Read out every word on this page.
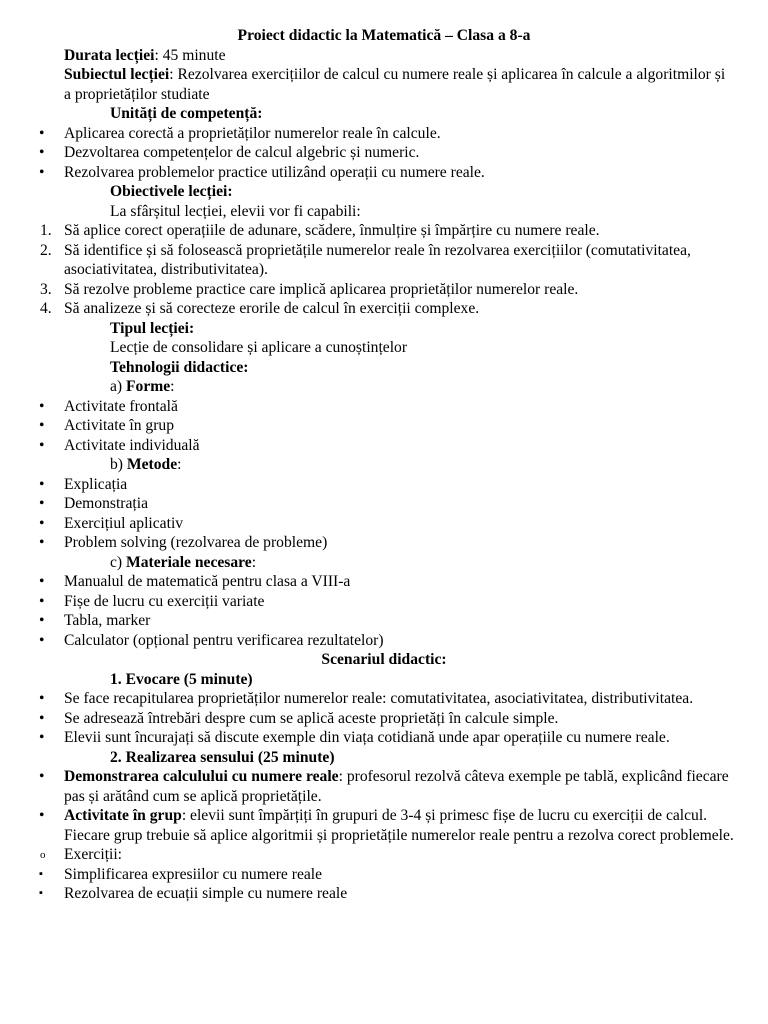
Proiect didactic la Matematică – Clasa a 8-a
Durata lecției: 45 minute
Subiectul lecției: Rezolvarea exercițiilor de calcul cu numere reale și aplicarea în calcule a algoritmilor și a proprietăților studiate
Unități de competență:
• Aplicarea corectă a proprietăților numerelor reale în calcule.
• Dezvoltarea competențelor de calcul algebric și numeric.
• Rezolvarea problemelor practice utilizând operații cu numere reale.
Obiectivele lecției:
La sfârșitul lecției, elevii vor fi capabili:
1. Să aplice corect operațiile de adunare, scădere, înmulțire și împărțire cu numere reale.
2. Să identifice și să folosească proprietățile numerelor reale în rezolvarea exercițiilor (comutativitatea, asociativitatea, distributivitatea).
3. Să rezolve probleme practice care implică aplicarea proprietăților numerelor reale.
4. Să analizeze și să corecteze erorile de calcul în exerciții complexe.
Tipul lecției:
Lecție de consolidare și aplicare a cunoștințelor
Tehnologii didactice:
a) Forme:
• Activitate frontală
• Activitate în grup
• Activitate individuală
b) Metode:
• Explicația
• Demonstrația
• Exercițiul aplicativ
• Problem solving (rezolvarea de probleme)
c) Materiale necesare:
• Manualul de matematică pentru clasa a VIII-a
• Fișe de lucru cu exerciții variate
• Tabla, marker
• Calculator (opțional pentru verificarea rezultatelor)
Scenariul didactic:
1. Evocare (5 minute)
• Se face recapitularea proprietăților numerelor reale: comutativitatea, asociativitatea, distributivitatea.
• Se adresează întrebări despre cum se aplică aceste proprietăți în calcule simple.
• Elevii sunt încurajați să discute exemple din viața cotidiană unde apar operațiile cu numere reale.
2. Realizarea sensului (25 minute)
• Demonstrarea calculului cu numere reale: profesorul rezolvă câteva exemple pe tablă, explicând fiecare pas și arătând cum se aplică proprietățile.
• Activitate în grup: elevii sunt împărțiți în grupuri de 3-4 și primesc fișe de lucru cu exerciții de calcul. Fiecare grup trebuie să aplice algoritmii și proprietățile numerelor reale pentru a rezolva corect problemele.
o Exerciții:
▪ Simplificarea expresiilor cu numere reale
▪ Rezolvarea de ecuații simple cu numere reale
